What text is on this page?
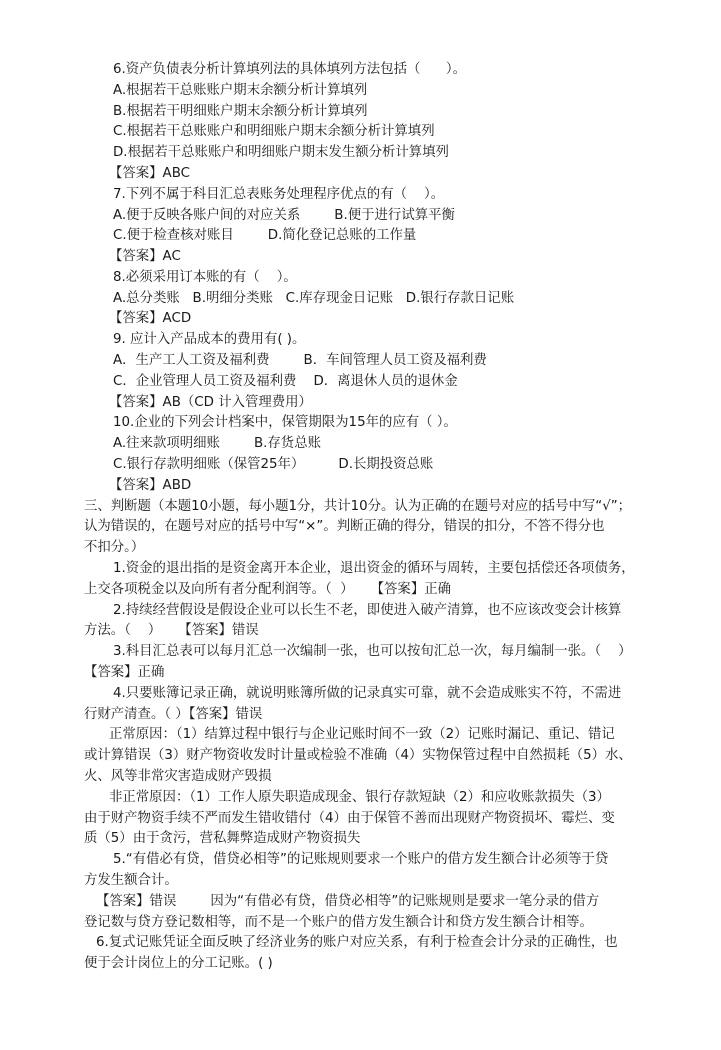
6.资产负债表分析计算填列法的具体填列方法包括（      ）。

A.根据若干总账账户期末余额分析计算填列

B.根据若干明细账户期末余额分析计算填列

C.根据若干总账账户和明细账户期末余额分析计算填列

D.根据若干总账账户和明细账户期末发生额分析计算填列

【答案】ABC

7.下列不属于科目汇总表账务处理程序优点的有（    ）。

A.便于反映各账户间的对应关系        B.便于进行试算平衡

C.便于检查核对账目        D.简化登记总账的工作量

【答案】AC

8.必须采用订本账的有（    ）。

A.总分类账   B.明细分类账   C.库存现金日记账   D.银行存款日记账

【答案】ACD

9. 应计入产品成本的费用有( )。

A．生产工人工资及福利费        B．车间管理人员工资及福利费

C．企业管理人员工资及福利费    D．离退休人员的退休金

【答案】AB（CD 计入管理费用）

10.企业的下列会计档案中，保管期限为15年的应有（ ）。

A.往来款项明细账        B.存货总账

C.银行存款明细账（保管25年）        D.长期投资总账

【答案】ABD

三、判断题（本题10小题，每小题1分，共计10分。认为正确的在题号对应的括号中写“√”；

认为错误的，在题号对应的括号中写“×”。判断正确的得分，错误的扣分，不答不得分也

不扣分。）

1.资金的退出指的是资金离开本企业，退出资金的循环与周转，主要包括偿还各项债务，

上交各项税金以及向所有者分配利润等。（  ）    【答案】正确

2.持续经营假设是假设企业可以长生不老，即使进入破产清算，也不应该改变会计核算

方法。（    ）    【答案】错误

3.科目汇总表可以每月汇总一次编制一张，也可以按旬汇总一次，每月编制一张。（    ）

【答案】正确

4.只要账簿记录正确，就说明账簿所做的记录真实可靠，就不会造成账实不符，不需进

行财产清查。（ ）【答案】错误

正常原因：（1）结算过程中银行与企业记账时间不一致（2）记账时漏记、重记、错记

或计算错误（3）财产物资收发时计量或检验不准确（4）实物保管过程中自然损耗（5）水、

火、风等非常灾害造成财产毁损

非正常原因：（1）工作人原失职造成现金、银行存款短缺（2）和应收账款损失（3）

由于财产物资手续不严而发生错收错付（4）由于保管不善而出现财产物资损坏、霉烂、变

质（5）由于贪污，营私舞弊造成财产物资损失

5.“有借必有贷，借贷必相等”的记账规则要求一个账户的借方发生额合计必须等于贷

方发生额合计。

【答案】错误        因为“有借必有贷，借贷必相等”的记账规则是要求一笔分录的借方

登记数与贷方登记数相等，而不是一个账户的借方发生额合计和贷方发生额合计相等。

6.复式记账凭证全面反映了经济业务的账户对应关系，有利于检查会计分录的正确性，也

便于会计岗位上的分工记账。( )
